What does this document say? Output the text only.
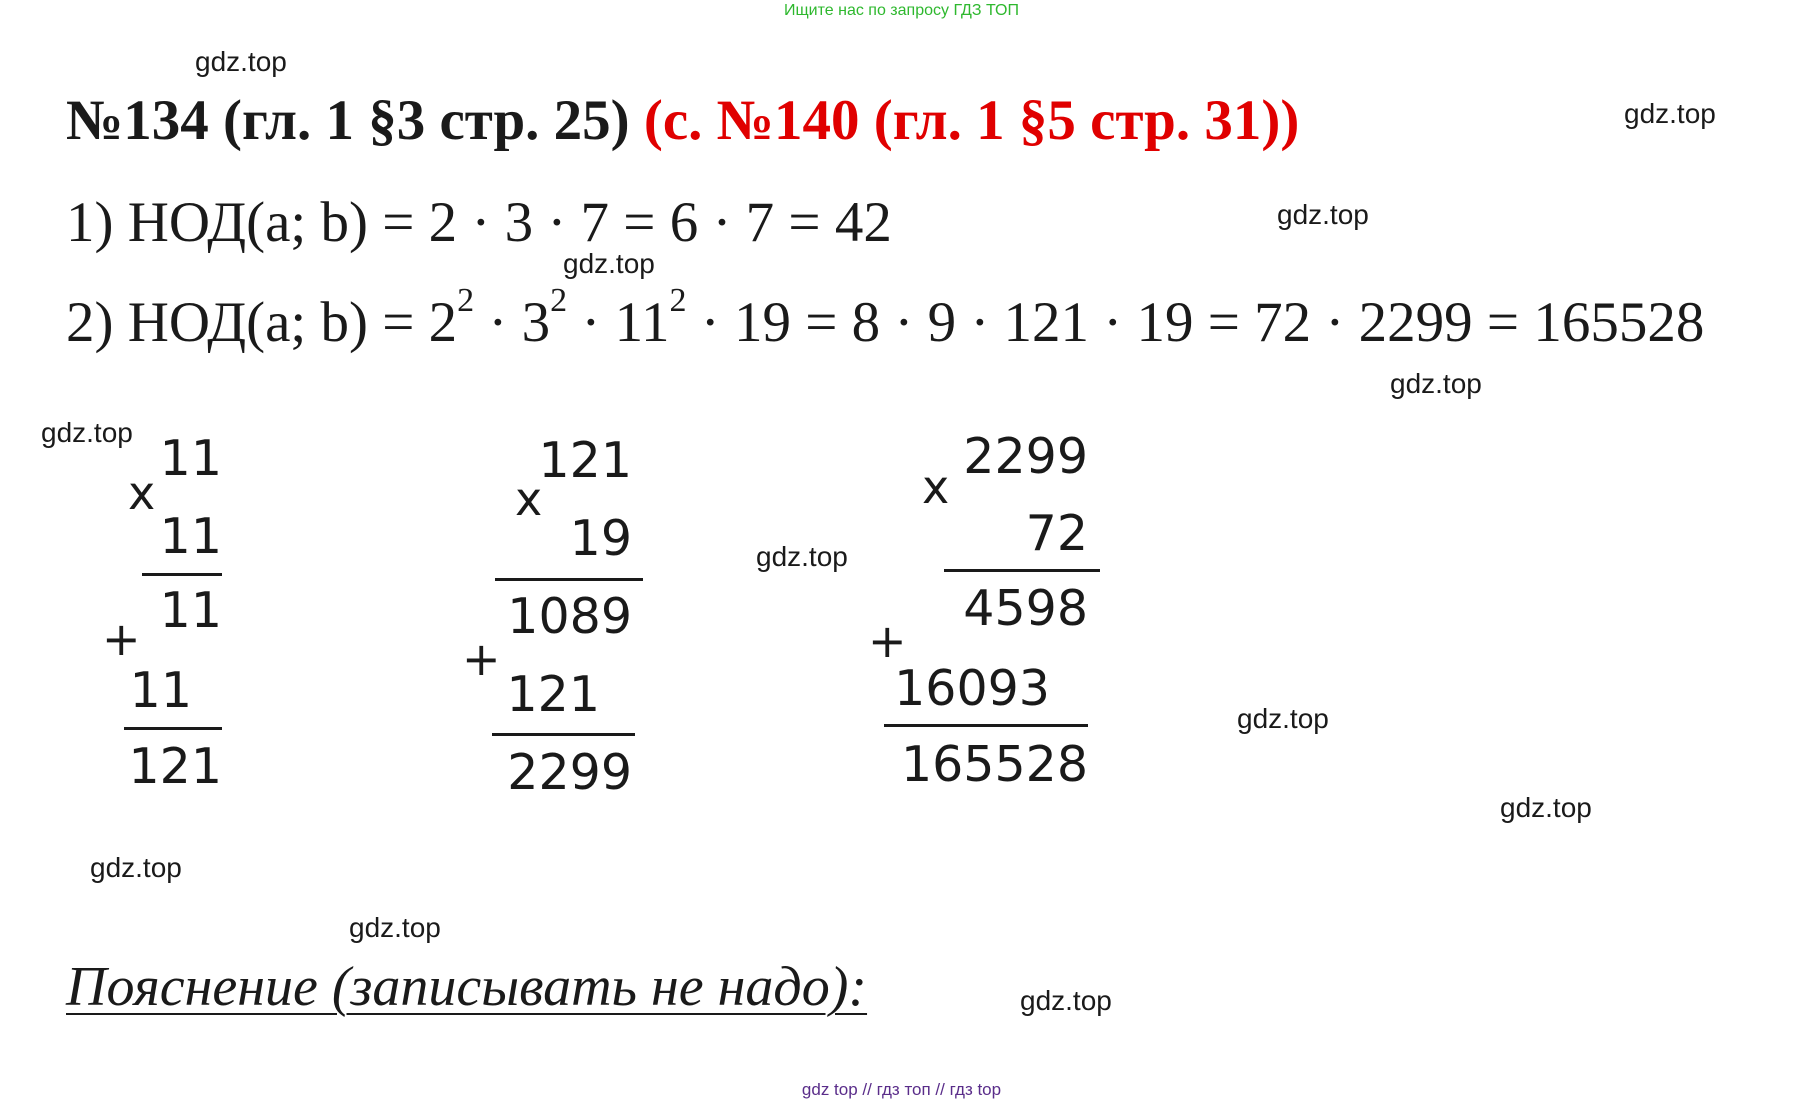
Ищите нас по запросу ГДЗ ТОП
№134 (гл. 1 §3 стр. 25) (с. №140 (гл. 1 §5 стр. 31))
1) НОД(a; b) = 2 · 3 · 7 = 6 · 7 = 42
2) НОД(a; $b) = 2^2 \cdot 3^2 \cdot 11^2 \cdot 19 = 8 \cdot 9 \cdot 121 \cdot 19 = 72 \cdot 2299 = 165528$
x
11
11
11
+
11
121
x
121
19
1089
+
121
2299
x
2299
72
4598
+
16093
165528
Пояснение (записывать не надо):
gdz.top
gdz.top
gdz.top
gdz.top
gdz.top
gdz.top
gdz.top
gdz.top
gdz.top
gdz.top
gdz.top
gdz.top
gdz top // гдз топ // гдз top
